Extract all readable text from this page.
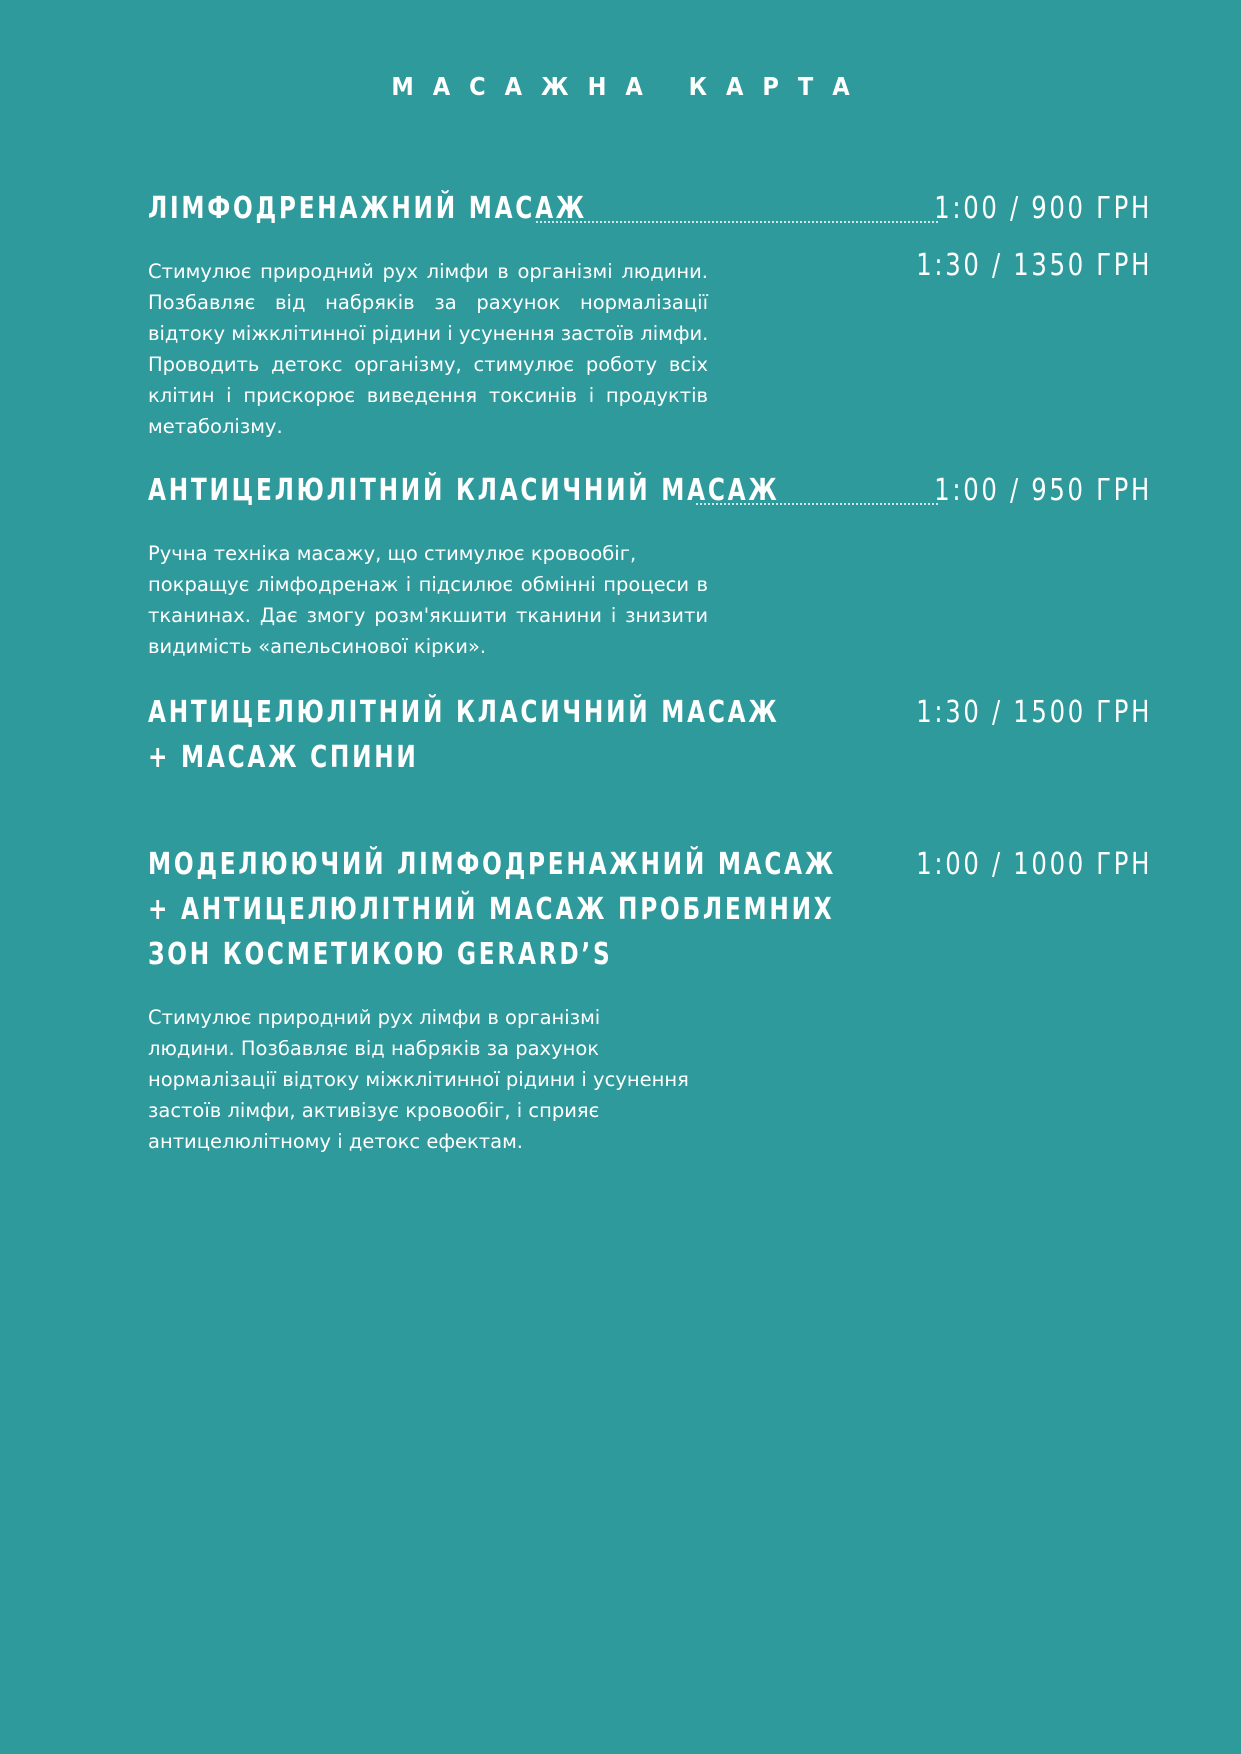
МАСАЖНА КАРТА
ЛІМФОДРЕНАЖНИЙ МАСАЖ	1:00 / 900 ГРН
1:30 / 1350 ГРН
Стимулює природний рух лімфи в організмі людини.
Позбавляє від набряків за рахунок нормалізації
відтоку міжклітинної рідини і усунення застоїв лімфи.
Проводить детокс організму, стимулює роботу всіх
клітин і прискорює виведення токсинів і продуктів
метаболізму.
АНТИЦЕЛЮЛІТНИЙ КЛАСИЧНИЙ МАСАЖ	1:00 / 950 ГРН
Ручна техніка масажу, що стимулює кровообіг,
покращує лімфодренаж і підсилює обмінні процеси в
тканинах. Дає змогу розм'якшити тканини і знизити
видимість «апельсинової кірки».
АНТИЦЕЛЮЛІТНИЙ КЛАСИЧНИЙ МАСАЖ
+ МАСАЖ СПИНИ
1:30 / 1500 ГРН
МОДЕЛЮЮЧИЙ ЛІМФОДРЕНАЖНИЙ МАСАЖ
+ АНТИЦЕЛЮЛІТНИЙ МАСАЖ ПРОБЛЕМНИХ
ЗОН КОСМЕТИКОЮ GERARD’S
1:00 / 1000 ГРН
Стимулює природний рух лімфи в організмі
людини. Позбавляє від набряків за рахунок
нормалізації відтоку міжклітинної рідини і усунення
застоїв лімфи, активізує кровообіг, і сприяє
антицелюлітному і детокс ефектам.
